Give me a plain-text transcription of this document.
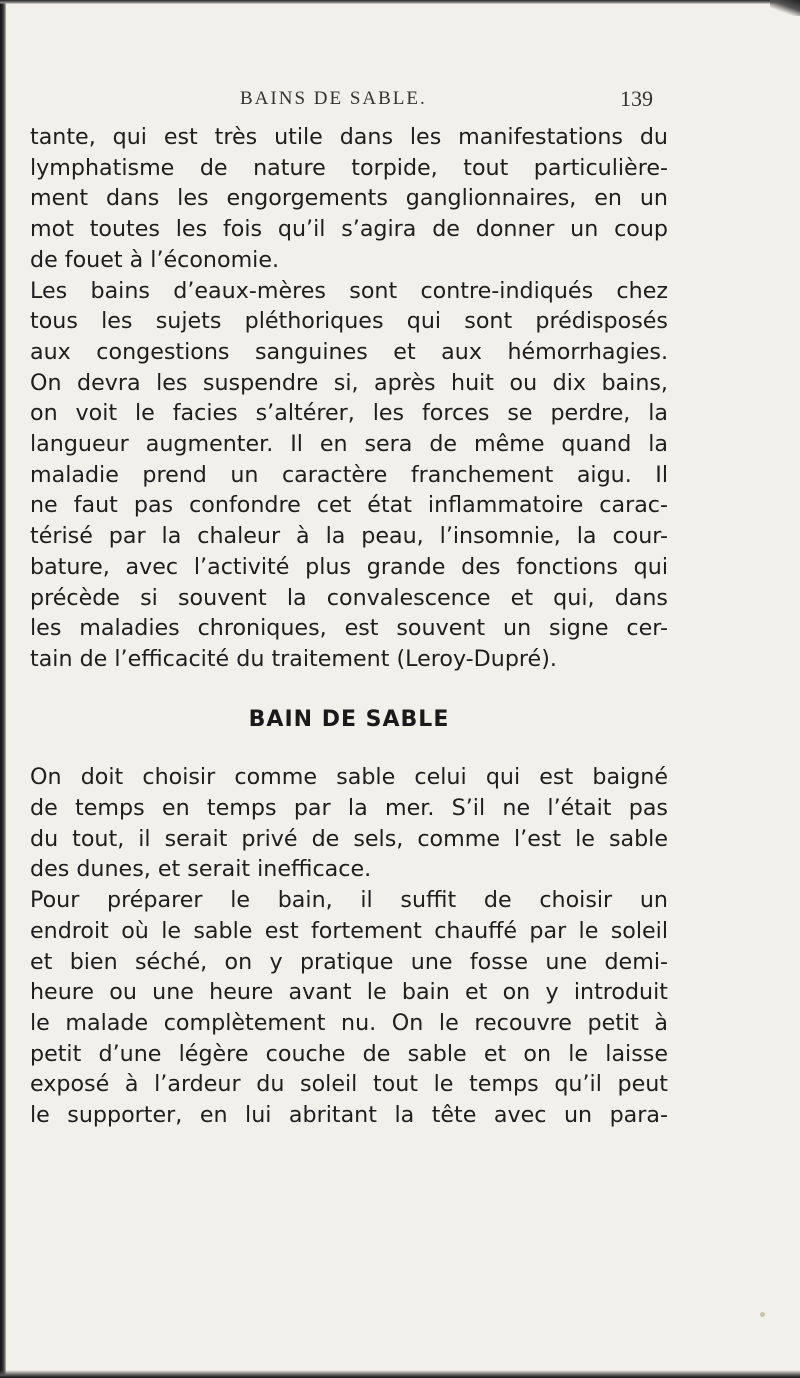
BAINS DE SABLE.	139
tante, qui est très utile dans les manifestations du
lymphatisme de nature torpide, tout particulière-
ment dans les engorgements ganglionnaires, en un
mot toutes les fois qu’il s’agira de donner un coup
de fouet à l’économie.
Les bains d’eaux-mères sont contre-indiqués chez
tous les sujets pléthoriques qui sont prédisposés
aux congestions sanguines et aux hémorrhagies.
On devra les suspendre si, après huit ou dix bains,
on voit le facies s’altérer, les forces se perdre, la
langueur augmenter. Il en sera de même quand la
maladie prend un caractère franchement aigu. Il
ne faut pas confondre cet état inflammatoire carac-
térisé par la chaleur à la peau, l’insomnie, la cour-
bature, avec l’activité plus grande des fonctions qui
précède si souvent la convalescence et qui, dans
les maladies chroniques, est souvent un signe cer-
tain de l’efficacité du traitement (Leroy-Dupré).
BAIN DE SABLE
On doit choisir comme sable celui qui est baigné
de temps en temps par la mer. S’il ne l’était pas
du tout, il serait privé de sels, comme l’est le sable
des dunes, et serait inefficace.
Pour préparer le bain, il suffit de choisir un
endroit où le sable est fortement chauffé par le soleil
et bien séché, on y pratique une fosse une demi-
heure ou une heure avant le bain et on y introduit
le malade complètement nu. On le recouvre petit à
petit d’une légère couche de sable et on le laisse
exposé à l’ardeur du soleil tout le temps qu’il peut
le supporter, en lui abritant la tête avec un para-
